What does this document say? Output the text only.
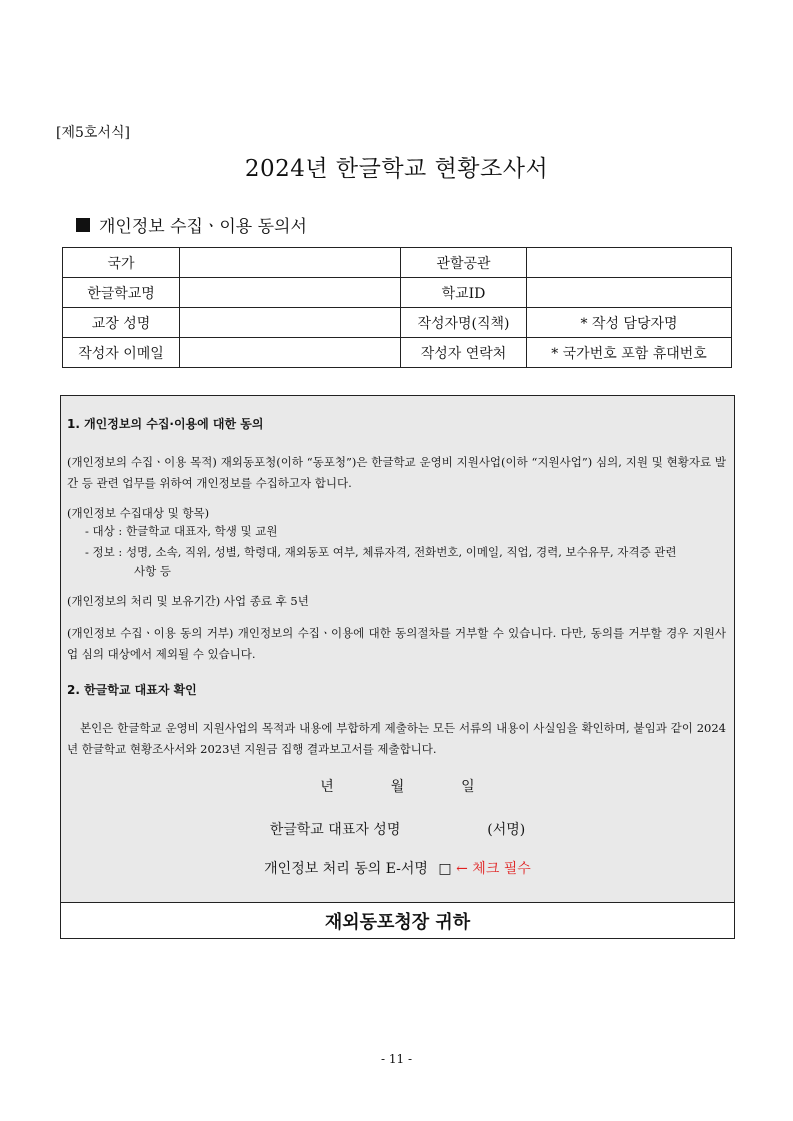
[제5호서식]
2024년 한글학교 현황조사서
개인정보 수집ㆍ이용 동의서
국가		관할공관	
한글학교명		학교ID	
교장 성명		작성자명(직책)	* 작성 담당자명
작성자 이메일		작성자 연락처	* 국가번호 포함 휴대번호
1. 개인정보의 수집·이용에 대한 동의
(개인정보의 수집ㆍ이용 목적) 재외동포청(이하 “동포청”)은 한글학교 운영비 지원사업(이하 “지원사업”) 심의, 지원 및 현황자료 발간 등 관련 업무를 위하여 개인정보를 수집하고자 합니다.
(개인정보 수집대상 및 항목)
- 대상 : 한글학교 대표자, 학생 및 교원
- 정보 : 성명, 소속, 직위, 성별, 학령대, 재외동포 여부, 체류자격, 전화번호, 이메일, 직업, 경력, 보수유무, 자격증 관련
사항 등
(개인정보의 처리 및 보유기간) 사업 종료 후 5년
(개인정보 수집ㆍ이용 동의 거부) 개인정보의 수집ㆍ이용에 대한 동의절차를 거부할 수 있습니다. 다만, 동의를 거부할 경우 지원사업 심의 대상에서 제외될 수 있습니다.
2. 한글학교 대표자 확인
본인은 한글학교 운영비 지원사업의 목적과 내용에 부합하게 제출하는 모든 서류의 내용이 사실임을 확인하며, 붙임과 같이 2024년 한글학교 현황조사서와 2023년 지원금 집행 결과보고서를 제출합니다.
년	월	일
한글학교 대표자 성명	(서명)
개인정보 처리 동의 E-서명 □ ← 체크 필수
재외동포청장 귀하
- 11 -
